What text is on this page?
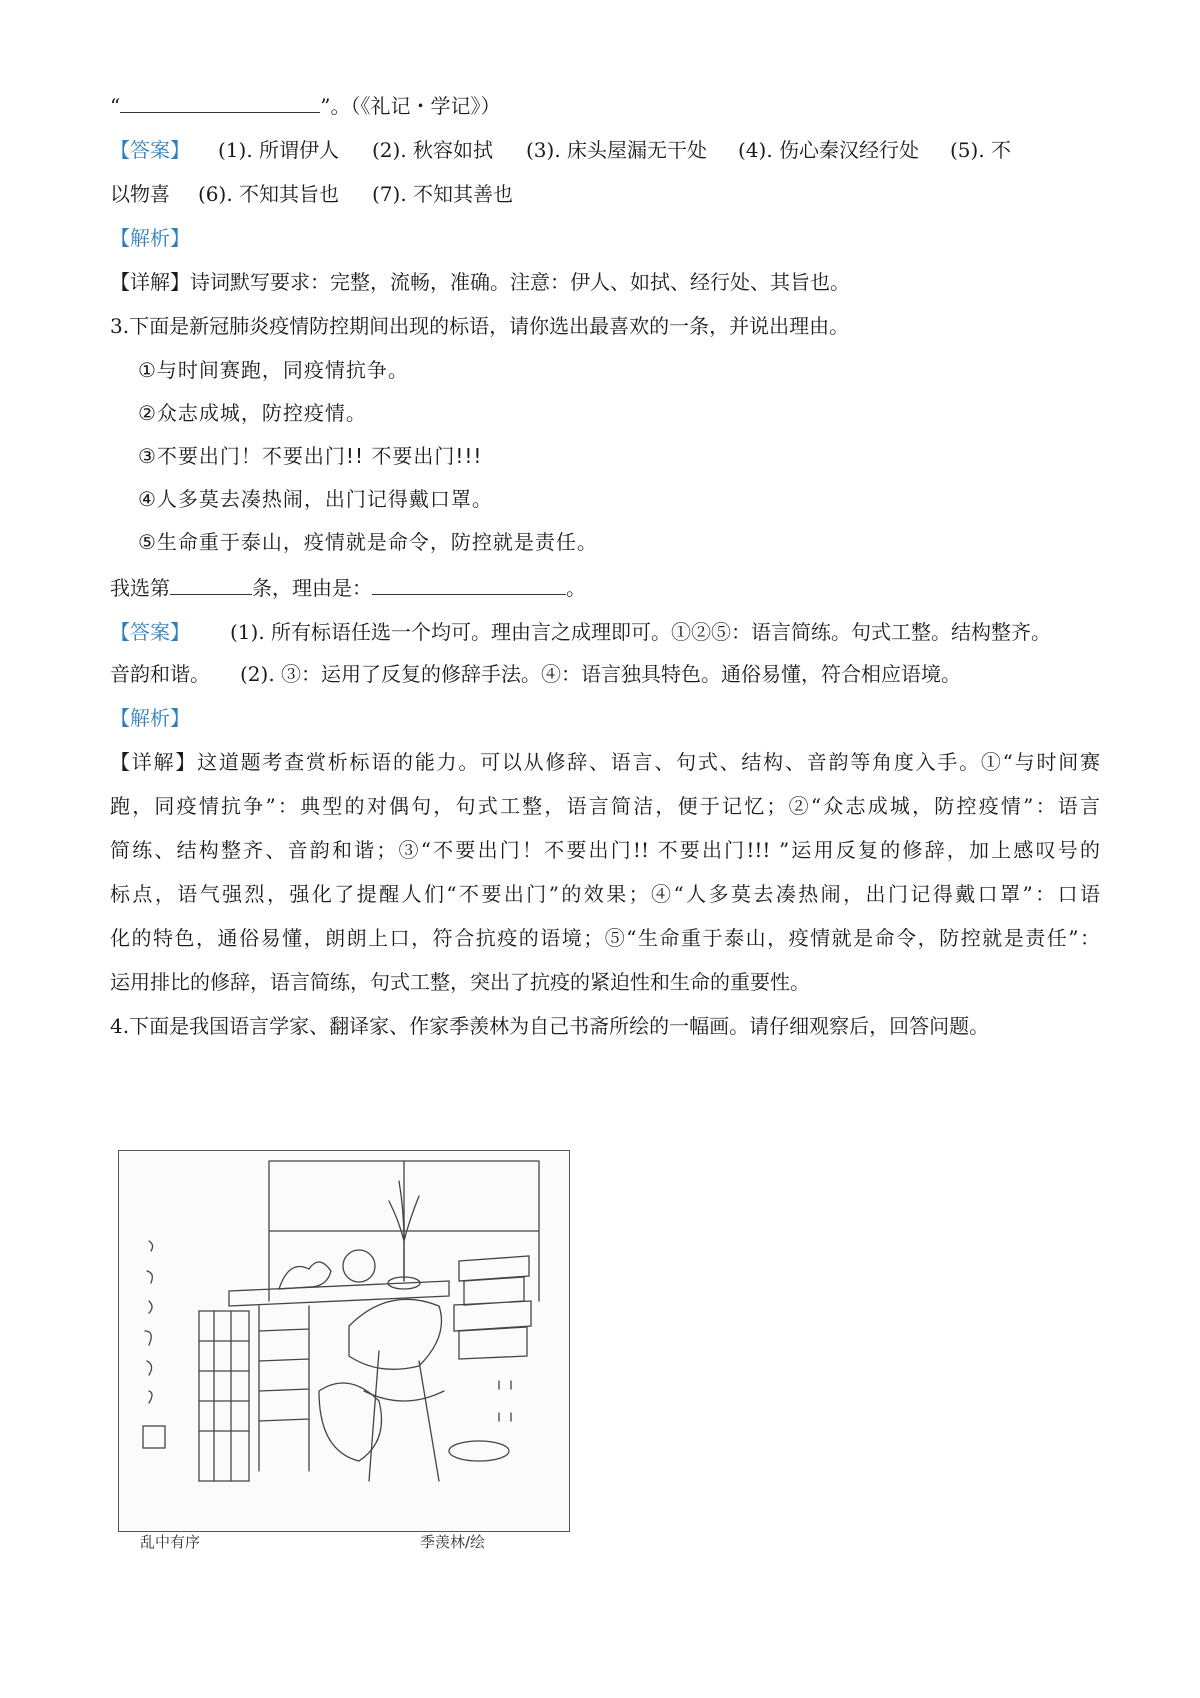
“	”。（《礼记・学记》）
【答案】 (1). 所谓伊人 (2). 秋容如拭 (3). 床头屋漏无干处 (4). 伤心秦汉经行处 (5). 不
以物喜 (6). 不知其旨也 (7). 不知其善也
【解析】
【详解】诗词默写要求：完整，流畅，准确。注意：伊人、如拭、经行处、其旨也。
3.下面是新冠肺炎疫情防控期间出现的标语，请你选出最喜欢的一条，并说出理由。
①与时间赛跑，同疫情抗争。
②众志成城，防控疫情。
③不要出门！不要出门!! 不要出门!!!
④人多莫去凑热闹，出门记得戴口罩。
⑤生命重于泰山，疫情就是命令，防控就是责任。
我选第	条，理由是：	。
【答案】 (1). 所有标语任选一个均可。理由言之成理即可。①②⑤：语言简练。句式工整。结构整齐。
音韵和谐。　　(2). ③：运用了反复的修辞手法。④：语言独具特色。通俗易懂，符合相应语境。
【解析】
【详解】这道题考查赏析标语的能力。可以从修辞、语言、句式、结构、音韵等角度入手。①“与时间赛
跑，同疫情抗争”：典型的对偶句，句式工整，语言简洁，便于记忆；②“众志成城，防控疫情”：语言
简练、结构整齐、音韵和谐；③“不要出门！不要出门!! 不要出门!!! ”运用反复的修辞，加上感叹号的
标点，语气强烈，强化了提醒人们“不要出门”的效果；④“人多莫去凑热闹，出门记得戴口罩”：口语
化的特色，通俗易懂，朗朗上口，符合抗疫的语境；⑤“生命重于泰山，疫情就是命令，防控就是责任”：
运用排比的修辞，语言简练，句式工整，突出了抗疫的紧迫性和生命的重要性。
4.下面是我国语言学家、翻译家、作家季羡林为自己书斋所绘的一幅画。请仔细观察后，回答问题。
乱中有序	季羡林/绘
